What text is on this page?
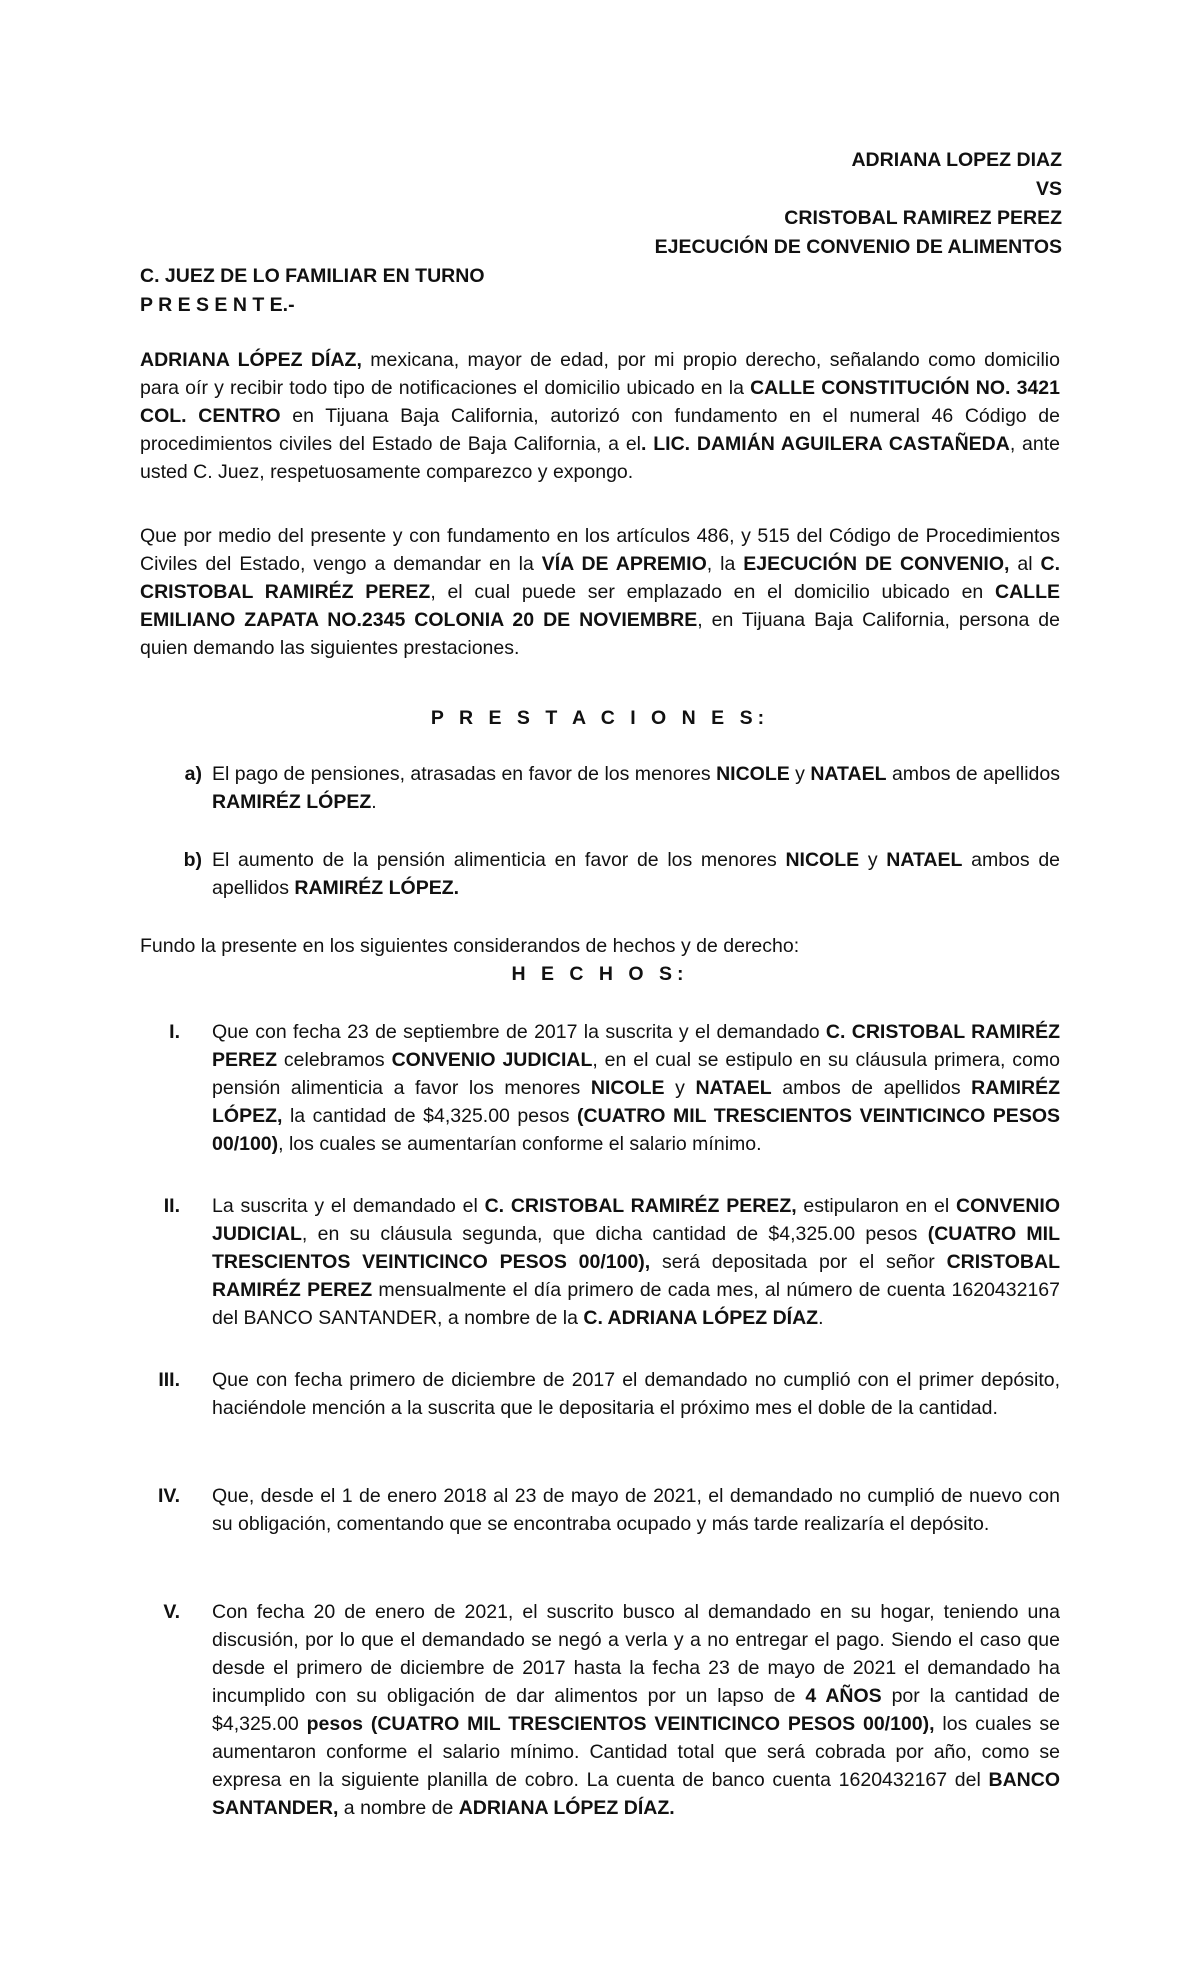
ADRIANA LOPEZ DIAZ
VS
CRISTOBAL RAMIREZ PEREZ
EJECUCIÓN DE CONVENIO DE ALIMENTOS
C. JUEZ DE LO FAMILIAR EN TURNO
P R E S E N T E.-
ADRIANA LÓPEZ DÍAZ, mexicana, mayor de edad, por mi propio derecho, señalando como domicilio para oír y recibir todo tipo de notificaciones el domicilio ubicado en la CALLE CONSTITUCIÓN NO. 3421 COL. CENTRO en Tijuana Baja California, autorizó con fundamento en el numeral 46 Código de procedimientos civiles del Estado de Baja California, a el. LIC. DAMIÁN AGUILERA CASTAÑEDA, ante usted C. Juez, respetuosamente comparezco y expongo.
Que por medio del presente y con fundamento en los artículos 486, y 515 del Código de Procedimientos Civiles del Estado, vengo a demandar en la VÍA DE APREMIO, la EJECUCIÓN DE CONVENIO, al C. CRISTOBAL RAMIRÉZ PEREZ, el cual puede ser emplazado en el domicilio ubicado en CALLE EMILIANO ZAPATA NO.2345 COLONIA 20 DE NOVIEMBRE, en Tijuana Baja California, persona de quien demando las siguientes prestaciones.
P R E S T A C I O N E S:
a) El pago de pensiones, atrasadas en favor de los menores NICOLE y NATAEL ambos de apellidos RAMIRÉZ LÓPEZ.
b) El aumento de la pensión alimenticia en favor de los menores NICOLE y NATAEL ambos de apellidos RAMIRÉZ LÓPEZ.
Fundo la presente en los siguientes considerandos de hechos y de derecho:
H E C H O S:
I. Que con fecha 23 de septiembre de 2017 la suscrita y el demandado C. CRISTOBAL RAMIRÉZ PEREZ celebramos CONVENIO JUDICIAL, en el cual se estipulo en su cláusula primera, como pensión alimenticia a favor los menores NICOLE y NATAEL ambos de apellidos RAMIRÉZ LÓPEZ, la cantidad de $4,325.00 pesos (CUATRO MIL TRESCIENTOS VEINTICINCO PESOS 00/100), los cuales se aumentarían conforme el salario mínimo.
II. La suscrita y el demandado el C. CRISTOBAL RAMIRÉZ PEREZ, estipularon en el CONVENIO JUDICIAL, en su cláusula segunda, que dicha cantidad de $4,325.00 pesos (CUATRO MIL TRESCIENTOS VEINTICINCO PESOS 00/100), será depositada por el señor CRISTOBAL RAMIRÉZ PEREZ mensualmente el día primero de cada mes, al número de cuenta 1620432167 del BANCO SANTANDER, a nombre de la C. ADRIANA LÓPEZ DÍAZ.
III. Que con fecha primero de diciembre de 2017 el demandado no cumplió con el primer depósito, haciéndole mención a la suscrita que le depositaria el próximo mes el doble de la cantidad.
IV. Que, desde el 1 de enero 2018 al 23 de mayo de 2021, el demandado no cumplió de nuevo con su obligación, comentando que se encontraba ocupado y más tarde realizaría el depósito.
V. Con fecha 20 de enero de 2021, el suscrito busco al demandado en su hogar, teniendo una discusión, por lo que el demandado se negó a verla y a no entregar el pago. Siendo el caso que desde el primero de diciembre de 2017 hasta la fecha 23 de mayo de 2021 el demandado ha incumplido con su obligación de dar alimentos por un lapso de 4 AÑOS por la cantidad de $4,325.00 pesos (CUATRO MIL TRESCIENTOS VEINTICINCO PESOS 00/100), los cuales se aumentaron conforme el salario mínimo. Cantidad total que será cobrada por año, como se expresa en la siguiente planilla de cobro. La cuenta de banco cuenta 1620432167 del BANCO SANTANDER, a nombre de ADRIANA LÓPEZ DÍAZ.
